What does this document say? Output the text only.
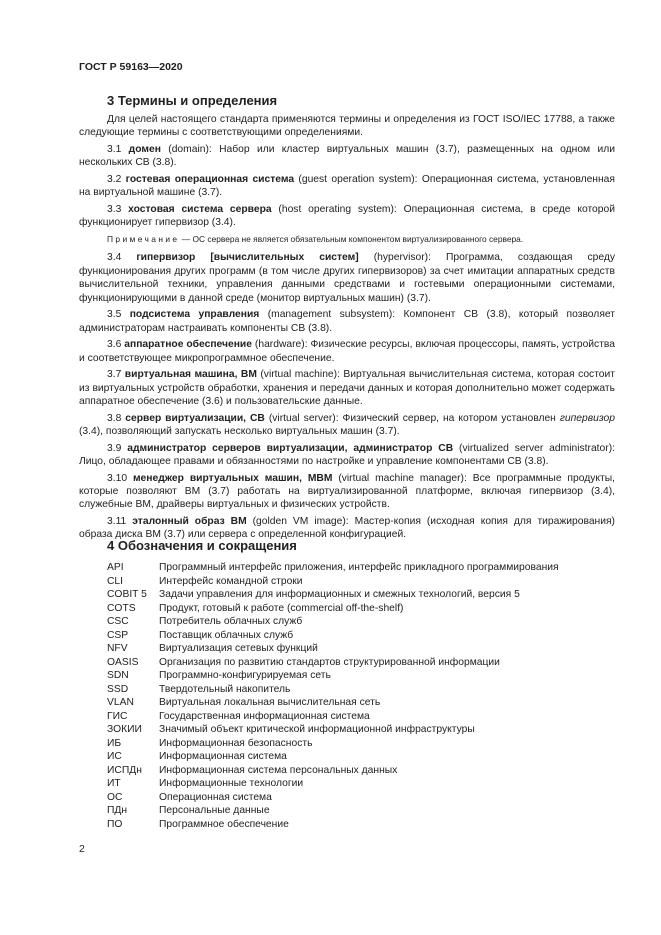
ГОСТ Р 59163—2020
3 Термины и определения

Для целей настоящего стандарта применяются термины и определения из ГОСТ ISO/IEC 17788, а также следующие термины с соответствующими определениями.

3.1 домен (domain): Набор или кластер виртуальных машин (3.7), размещенных на одном или нескольких СВ (3.8).

3.2 гостевая операционная система (guest operation system): Операционная система, установленная на виртуальной машине (3.7).

3.3 хостовая система сервера (host operating system): Операционная система, в среде которой функционирует гипервизор (3.4).

Примечание — ОС сервера не является обязательным компонентом виртуализированного сервера.

3.4 гипервизор [вычислительных систем] (hypervisor): Программа, создающая среду функционирования других программ (в том числе других гипервизоров) за счет имитации аппаратных средств вычислительной техники, управления данными средствами и гостевыми операционными системами, функционирующими в данной среде (монитор виртуальных машин) (3.7).

3.5 подсистема управления (management subsystem): Компонент СВ (3.8), который позволяет администраторам настраивать компоненты СВ (3.8).

3.6 аппаратное обеспечение (hardware): Физические ресурсы, включая процессоры, память, устройства и соответствующее микропрограммное обеспечение.

3.7 виртуальная машина, ВМ (virtual machine): Виртуальная вычислительная система, которая состоит из виртуальных устройств обработки, хранения и передачи данных и которая дополнительно может содержать аппаратное обеспечение (3.6) и пользовательские данные.

3.8 сервер виртуализации, СВ (virtual server): Физический сервер, на котором установлен гипервизор (3.4), позволяющий запускать несколько виртуальных машин (3.7).

3.9 администратор серверов виртуализации, администратор СВ (virtualized server administrator): Лицо, обладающее правами и обязанностями по настройке и управление компонентами СВ (3.8).

3.10 менеджер виртуальных машин, МВМ (virtual machine manager): Все программные продукты, которые позволяют ВМ (3.7) работать на виртуализированной платформе, включая гипервизор (3.4), служебные ВМ, драйверы виртуальных и физических устройств.

3.11 эталонный образ ВМ (golden VM image): Мастер-копия (исходная копия для тиражирования) образа диска ВМ (3.7) или сервера с определенной конфигурацией.

4 Обозначения и сокращения
API	Программный интерфейс приложения, интерфейс прикладного программирования
CLI	Интерфейс командной строки
COBIT 5	Задачи управления для информационных и смежных технологий, версия 5
COTS	Продукт, готовый к работе (commercial off-the-shelf)
CSC	Потребитель облачных служб
CSP	Поставщик облачных служб
NFV	Виртуализация сетевых функций
OASIS	Организация по развитию стандартов структурированной информации
SDN	Программно-конфигурируемая сеть
SSD	Твердотельный накопитель
VLAN	Виртуальная локальная вычислительная сеть
ГИС	Государственная информационная система
ЗОКИИ	Значимый объект критической информационной инфраструктуры
ИБ	Информационная безопасность
ИС	Информационная система
ИСПДн	Информационная система персональных данных
ИТ	Информационные технологии
ОС	Операционная система
ПДн	Персональные данные
ПО	Программное обеспечение
2
